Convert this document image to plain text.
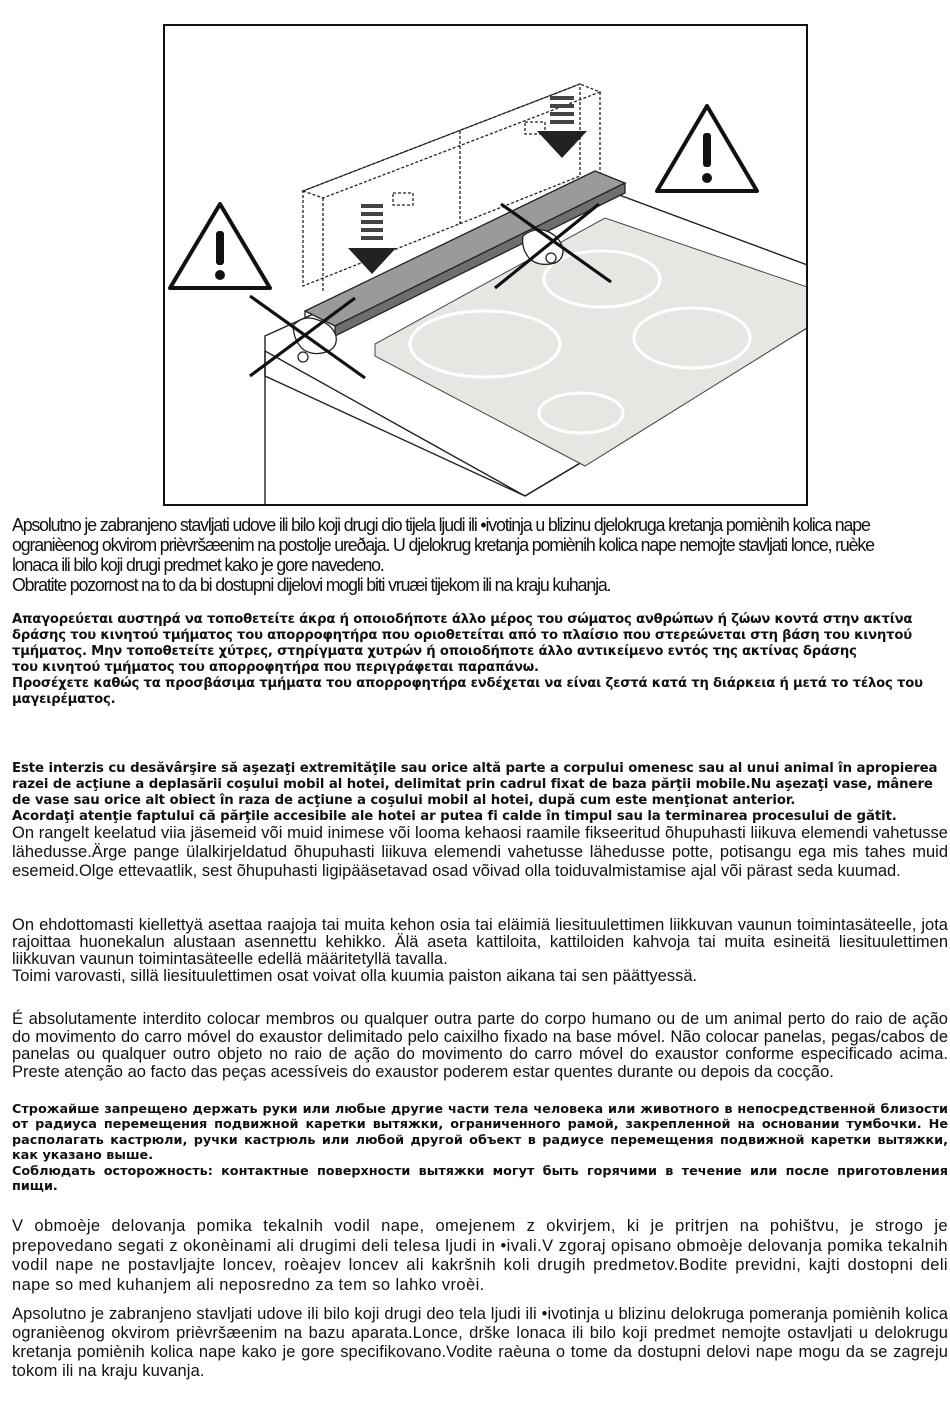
Apsolutno je zabranjeno stavljati udove ili bilo koji drugi dio tijela ljudi ili •ivotinja u blizinu djelokruga kretanja pomiènih kolica nape ogranièenog okvirom prièvršæenim na postolje ureðaja. U djelokrug kretanja pomiènih kolica nape nemojte stavljati lonce, ruèke lonaca ili bilo koji drugi predmet kako je gore navedeno.
Obratite pozornost na to da bi dostupni dijelovi mogli biti vruæi tijekom ili na kraju kuhanja.

Απαγορεύεται αυστηρά να τοποθετείτε άκρα ή οποιοδήποτε άλλο μέρος του σώματος ανθρώπων ή ζώων κοντά στην ακτίνα δράσης του κινητού τμήματος του απορροφητήρα που οριοθετείται από το πλαίσιο που στερεώνεται στη βάση του κινητού τμήματος. Μην τοποθετείτε χύτρες, στηρίγματα χυτρών ή οποιοδήποτε άλλο αντικείμενο εντός της ακτίνας δράσης
του κινητού τμήματος του απορροφητήρα που περιγράφεται παραπάνω.
Προσέχετε καθώς τα προσβάσιμα τμήματα του απορροφητήρα ενδέχεται να είναι ζεστά κατά τη διάρκεια ή μετά το τέλος του μαγειρέματος.

Este interzis cu desăvârşire să aşezaţi extremităţile sau orice altă parte a corpului omenesc sau al unui animal în apropierea razei de acţiune a deplasării coşului mobil al hotei, delimitat prin cadrul fixat de baza părţii mobile.Nu aşezaţi vase, mânere de vase sau orice alt obiect în raza de acţiune a coşului mobil al hotei, după cum este menţionat anterior.
Acordaţi atenţie faptului că părţile accesibile ale hotei ar putea fi calde în timpul sau la terminarea procesului de gătit.

On rangelt keelatud viia jäsemeid või muid inimese või looma kehaosi raamile fikseeritud õhupuhasti liikuva elemendi vahetusse lähedusse.Ärge pange ülalkirjeldatud õhupuhasti liikuva elemendi vahetusse lähedusse potte, potisangu ega mis tahes muid esemeid.Olge ettevaatlik, sest õhupuhasti ligipääsetavad osad võivad olla toiduvalmistamise ajal või pärast seda kuumad.

On ehdottomasti kiellettyä asettaa raajoja tai muita kehon osia tai eläimiä liesituulettimen liikkuvan vaunun toimintasäteelle, jota rajoittaa huonekalun alustaan asennettu kehikko. Älä aseta kattiloita, kattiloiden kahvoja tai muita esineitä liesituulettimen liikkuvan vaunun toimintasäteelle edellä määritetyllä tavalla.
Toimi varovasti, sillä liesituulettimen osat voivat olla kuumia paiston aikana tai sen päättyessä.

É absolutamente interdito colocar membros ou qualquer outra parte do corpo humano ou de um animal perto do raio de ação do movimento do carro móvel do exaustor delimitado pelo caixilho fixado na base móvel. Não colocar panelas, pegas/cabos de panelas ou qualquer outro objeto no raio de ação do movimento do carro móvel do exaustor conforme especificado acima. Preste atenção ao facto das peças acessíveis do exaustor poderem estar quentes durante ou depois da cocção.

Строжайше запрещено держать руки или любые другие части тела человека или животного в непосредственной близости от радиуса перемещения подвижной каретки вытяжки, ограниченного рамой, закрепленной на основании тумбочки. Не располагать кастрюли, ручки кастрюль или любой другой объект в радиусе перемещения подвижной каретки вытяжки, как указано выше.
Соблюдать осторожность: контактные поверхности вытяжки могут быть горячими в течение или после приготовления пищи.

V obmoèje delovanja pomika tekalnih vodil nape, omejenem z okvirjem, ki je pritrjen na pohištvu, je strogo je prepovedano segati z okonèinami ali drugimi deli telesa ljudi in •ivali.V zgoraj opisano obmoèje delovanja pomika tekalnih vodil nape ne postavljajte loncev, roèajev loncev ali kakršnih koli drugih predmetov.Bodite previdni, kajti dostopni deli nape so med kuhanjem ali neposredno za tem so lahko vroèi.

Apsolutno je zabranjeno stavljati udove ili bilo koji drugi deo tela ljudi ili •ivotinja u blizinu delokruga pomeranja pomiènih kolica ogranièenog okvirom prièvršæenim na bazu aparata.Lonce, drške lonaca ili bilo koji predmet nemojte ostavljati u delokrugu kretanja pomiènih kolica nape kako je gore specifikovano.Vodite raèuna o tome da dostupni delovi nape mogu da se zagreju tokom ili na kraju kuvanja.
